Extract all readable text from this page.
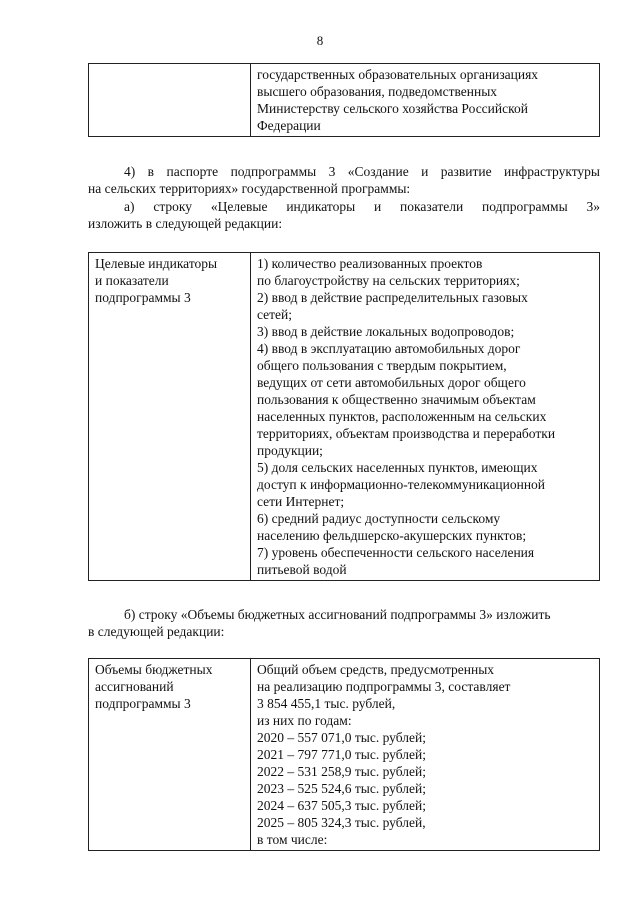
8

государственных образовательных организациях
высшего образования, подведомственных
Министерству сельского хозяйства Российской
Федерации
4) в паспорте подпрограммы 3 «Создание и развитие инфраструктуры
на сельских территориях» государственной программы:
а) строку «Целевые индикаторы и показатели подпрограммы 3»
изложить в следующей редакции:
Целевые индикаторы
и показатели
подпрограммы 3

1) количество реализованных проектов
по благоустройству на сельских территориях;
2) ввод в действие распределительных газовых
сетей;
3) ввод в действие локальных водопроводов;
4) ввод в эксплуатацию автомобильных дорог
общего пользования с твердым покрытием,
ведущих от сети автомобильных дорог общего
пользования к общественно значимым объектам
населенных пунктов, расположенным на сельских
территориях, объектам производства и переработки
продукции;
5) доля сельских населенных пунктов, имеющих
доступ к информационно-телекоммуникационной
сети Интернет;
6) средний радиус доступности сельскому
населению фельдшерско-акушерских пунктов;
7) уровень обеспеченности сельского населения
питьевой водой
б) строку «Объемы бюджетных ассигнований подпрограммы 3» изложить
в следующей редакции:
Объемы бюджетных
ассигнований
подпрограммы 3

Общий объем средств, предусмотренных
на реализацию подпрограммы 3, составляет
3 854 455,1 тыс. рублей,
из них по годам:
2020 – 557 071,0 тыс. рублей;
2021 – 797 771,0 тыс. рублей;
2022 – 531 258,9 тыс. рублей;
2023 – 525 524,6 тыс. рублей;
2024 – 637 505,3 тыс. рублей;
2025 – 805 324,3 тыс. рублей,
в том числе:
